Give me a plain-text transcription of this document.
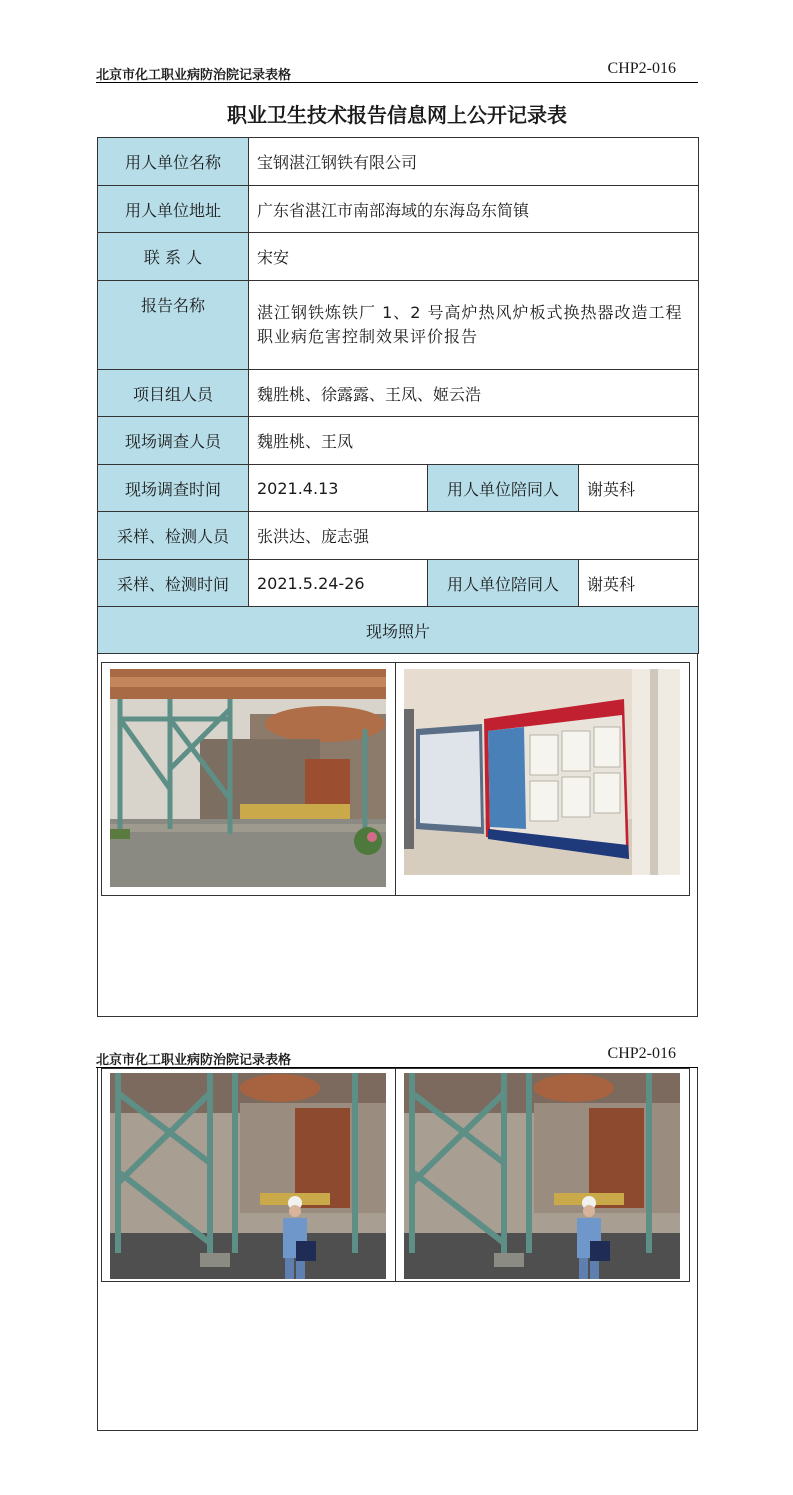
北京市化工职业病防治院记录表格	CHP2-016
职业卫生技术报告信息网上公开记录表
用人单位名称	宝钢湛江钢铁有限公司		
用人单位地址	广东省湛江市南部海域的东海岛东简镇		
联 系 人	宋安		
报告名称	湛江钢铁炼铁厂 1、2 号高炉热风炉板式换热器改造工程职业病危害控制效果评价报告		
项目组人员	魏胜桃、徐露露、王凤、姬云浩		
现场调查人员	魏胜桃、王凤		
现场调查时间	2021.4.13	用人单位陪同人	谢英科
采样、检测人员	张洪达、庞志强		
采样、检测时间	2021.5.24-26	用人单位陪同人	谢英科
现场照片			
北京市化工职业病防治院记录表格	CHP2-016
